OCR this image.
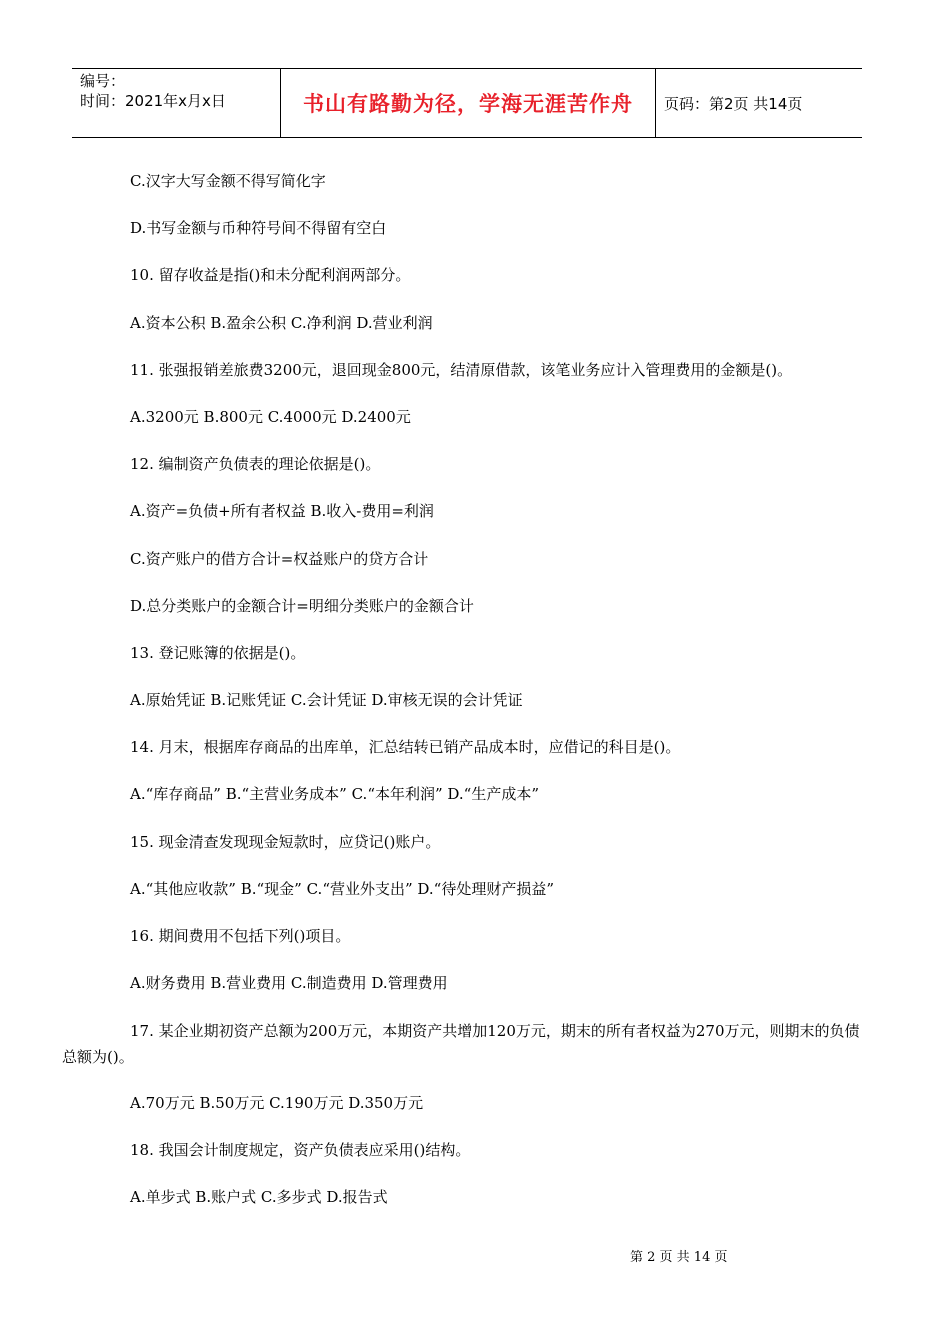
编号：
时间：2021年x月x日	书山有路勤为径，学海无涯苦作舟 页码：第2页 共14页
C.汉字大写金额不得写简化字
D.书写金额与币种符号间不得留有空白
10. 留存收益是指()和未分配利润两部分。
A.资本公积 B.盈余公积 C.净利润 D.营业利润
11. 张强报销差旅费3200元，退回现金800元，结清原借款，该笔业务应计入管理费用的金额是()。
A.3200元 B.800元 C.4000元 D.2400元
12. 编制资产负债表的理论依据是()。
A.资产=负债+所有者权益 B.收入-费用=利润
C.资产账户的借方合计=权益账户的贷方合计
D.总分类账户的金额合计=明细分类账户的金额合计
13. 登记账簿的依据是()。
A.原始凭证 B.记账凭证 C.会计凭证 D.审核无误的会计凭证
14. 月末，根据库存商品的出库单，汇总结转已销产品成本时，应借记的科目是()。
A.“库存商品” B.“主营业务成本” C.“本年利润” D.“生产成本”
15. 现金清查发现现金短款时，应贷记()账户。
A.“其他应收款” B.“现金” C.“营业外支出” D.“待处理财产损益”
16. 期间费用不包括下列()项目。
A.财务费用 B.营业费用 C.制造费用 D.管理费用
17. 某企业期初资产总额为200万元，本期资产共增加120万元，期末的所有者权益为270万元，则期末的负债总额为()。
A.70万元 B.50万元 C.190万元 D.350万元
18. 我国会计制度规定，资产负债表应采用()结构。
A.单步式 B.账户式 C.多步式 D.报告式
第 2 页 共 14 页
